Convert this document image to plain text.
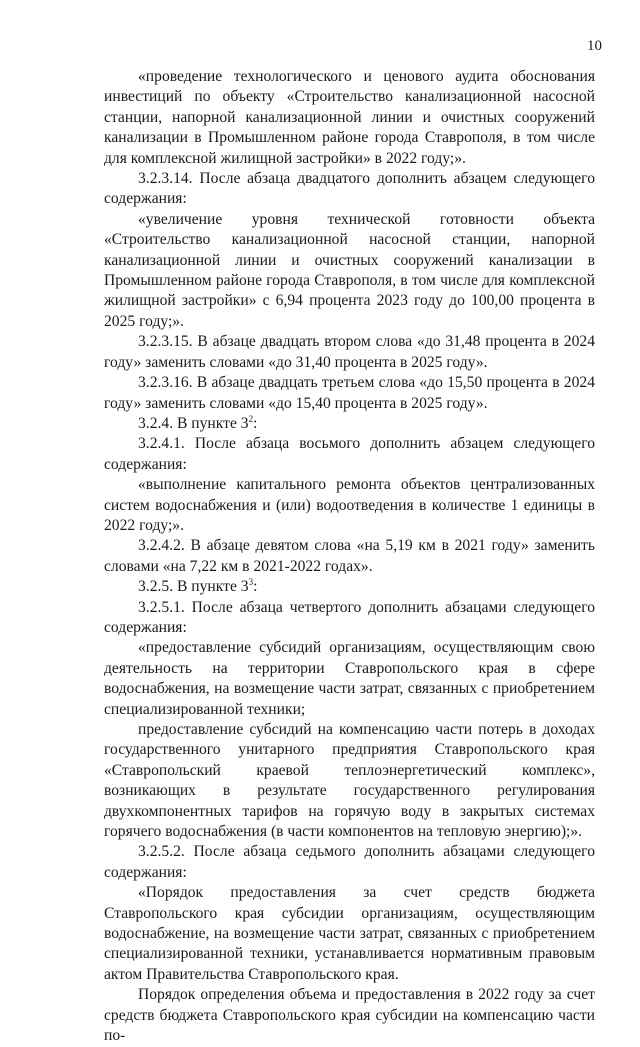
10

«проведение технологического и ценового аудита обоснования инвестиций по объекту «Строительство канализационной насосной станции, напорной канализационной линии и очистных сооружений канализации в Промышленном районе города Ставрополя, в том числе для комплексной жилищной застройки» в 2022 году;».

3.2.3.14. После абзаца двадцатого дополнить абзацем следующего содержания:

«увеличение уровня технической готовности объекта «Строительство канализационной насосной станции, напорной канализационной линии и очистных сооружений канализации в Промышленном районе города Ставрополя, в том числе для комплексной жилищной застройки» с 6,94 процента 2023 году до 100,00 процента в 2025 году;».

3.2.3.15. В абзаце двадцать втором слова «до 31,48 процента в 2024 году» заменить словами «до 31,40 процента в 2025 году».

3.2.3.16. В абзаце двадцать третьем слова «до 15,50 процента в 2024 году» заменить словами «до 15,40 процента в 2025 году».

3.2.4. В пункте $3^2$:

3.2.4.1. После абзаца восьмого дополнить абзацем следующего содержания:

«выполнение капитального ремонта объектов централизованных систем водоснабжения и (или) водоотведения в количестве 1 единицы в 2022 году;».

3.2.4.2. В абзаце девятом слова «на 5,19 км в 2021 году» заменить словами «на 7,22 км в 2021-2022 годах».

3.2.5. В пункте $3^3$:

3.2.5.1. После абзаца четвертого дополнить абзацами следующего содержания:

«предоставление субсидий организациям, осуществляющим свою деятельность на территории Ставропольского края в сфере водоснабжения, на возмещение части затрат, связанных с приобретением специализированной техники;

предоставление субсидий на компенсацию части потерь в доходах государственного унитарного предприятия Ставропольского края «Ставропольский краевой теплоэнергетический комплекс», возникающих в результате государственного регулирования двухкомпонентных тарифов на горячую воду в закрытых системах горячего водоснабжения (в части компонентов на тепловую энергию);».

3.2.5.2. После абзаца седьмого дополнить абзацами следующего содержания:

«Порядок предоставления за счет средств бюджета Ставропольского края субсидии организациям, осуществляющим водоснабжение, на возмещение части затрат, связанных с приобретением специализированной техники, устанавливается нормативным правовым актом Правительства Ставропольского края.

Порядок определения объема и предоставления в 2022 году за счет средств бюджета Ставропольского края субсидии на компенсацию части по-
